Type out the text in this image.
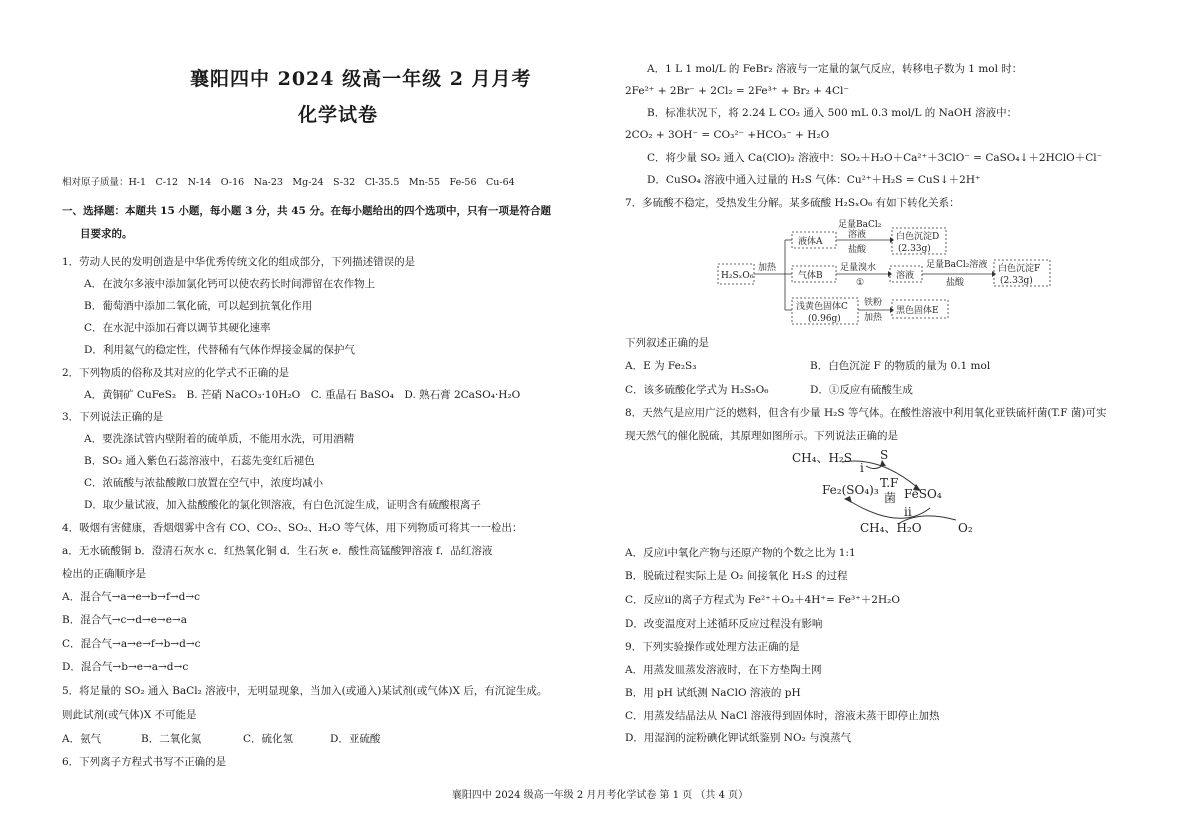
襄阳四中 2024 级高一年级 2 月月考
化学试卷
相对原子质量：H-1　C-12　N-14　O-16　Na-23　Mg-24　S-32　Cl-35.5　Mn-55　Fe-56　Cu-64
一、选择题：本题共 15 小题，每小题 3 分，共 45 分。在每小题给出的四个选项中，只有一项是符合题
目要求的。
1．劳动人民的发明创造是中华优秀传统文化的组成部分，下列描述错误的是
A．在波尔多液中添加氯化钙可以使农药长时间滞留在农作物上
B．葡萄酒中添加二氧化硫，可以起到抗氧化作用
C．在水泥中添加石膏以调节其硬化速率
D．利用氦气的稳定性，代替稀有气体作焊接金属的保护气
2．下列物质的俗称及其对应的化学式不正确的是
A．黄铜矿 CuFeS₂　B. 芒硝 NaCO₃·10H₂O　C. 重晶石 BaSO₄　D. 熟石膏 2CaSO₄·H₂O
3．下列说法正确的是
A．要洗涤试管内壁附着的硫单质，不能用水洗，可用酒精
B．SO₂ 通入紫色石蕊溶液中，石蕊先变红后褪色
C．浓硫酸与浓盐酸敞口放置在空气中，浓度均减小
D．取少量试液，加入盐酸酸化的氯化钡溶液，有白色沉淀生成，证明含有硫酸根离子
4．吸烟有害健康，香烟烟雾中含有 CO、CO₂、SO₂、H₂O 等气体，用下列物质可将其一一检出：
a．无水硫酸铜 b．澄清石灰水 c．红热氧化铜 d．生石灰 e．酸性高锰酸钾溶液 f．品红溶液
检出的正确顺序是
A．混合气→a→e→b→f→d→c
B．混合气→c→d→e→e→a
C．混合气→a→e→f→b→d→c
D．混合气→b→e→a→d→c
5．将足量的 SO₂ 通入 BaCl₂ 溶液中，无明显现象，当加入(或通入)某试剂(或气体)X 后，有沉淀生成。
则此试剂(或气体)X 不可能是
A．氨气	B．二氧化氮	C．硫化氢	D．亚硫酸
6．下列离子方程式书写不正确的是
A．1 L 1 mol/L 的 FeBr₂ 溶液与一定量的氯气反应，转移电子数为 1 mol 时：
2Fe²⁺ + 2Br⁻ + 2Cl₂ = 2Fe³⁺ + Br₂ + 4Cl⁻
B．标准状况下，将 2.24 L CO₂ 通入 500 mL 0.3 mol/L 的 NaOH 溶液中：
2CO₂ + 3OH⁻ = CO₃²⁻ +HCO₃⁻ + H₂O
C．将少量 SO₂ 通入 Ca(ClO)₂ 溶液中：SO₂＋H₂O＋Ca²⁺＋3ClO⁻ = CaSO₄↓＋2HClO＋Cl⁻
D．CuSO₄ 溶液中通入过量的 H₂S 气体：Cu²⁺＋H₂S = CuS↓＋2H⁺
7．多硫酸不稳定，受热发生分解。某多硫酸 H₂SₓO₆ 有如下转化关系：
H₂SₓO₆
加热
液体A
气体B
浅黄色固体C
(0.96g)
足量BaCl₂
溶液
盐酸
白色沉淀D
(2.33g)
足量溴水
①
溶液
足量BaCl₂溶液
盐酸
白色沉淀F
(2.33g)
铁粉
加热
黑色固体E
下列叙述正确的是
A．E 为 Fe₂S₃	B．白色沉淀 F 的物质的量为 0.1 mol
C．该多硫酸化学式为 H₂S₅O₆	D．①反应有硫酸生成
8．天然气是应用广泛的燃料，但含有少量 H₂S 等气体。在酸性溶液中利用氧化亚铁硫杆菌(T.F 菌)可实
现天然气的催化脱硫，其原理如图所示。下列说法正确的是
CH₄、H₂S S
i
Fe₂(SO₄)₃ T.F
菌 FeSO₄
ii
CH₄、H₂O	O₂
A．反应i中氧化产物与还原产物的个数之比为 1:1
B．脱硫过程实际上是 O₂ 间接氧化 H₂S 的过程
C．反应ii的离子方程式为 Fe²⁺＋O₂＋4H⁺= Fe³⁺＋2H₂O
D．改变温度对上述循环反应过程没有影响
9．下列实验操作或处理方法正确的是
A．用蒸发皿蒸发溶液时，在下方垫陶土网
B．用 pH 试纸测 NaClO 溶液的 pH
C．用蒸发结晶法从 NaCl 溶液得到固体时，溶液未蒸干即停止加热
D．用湿润的淀粉碘化钾试纸鉴别 NO₂ 与溴蒸气
襄阳四中 2024 级高一年级 2 月月考化学试卷 第 1 页 （共 4 页）
